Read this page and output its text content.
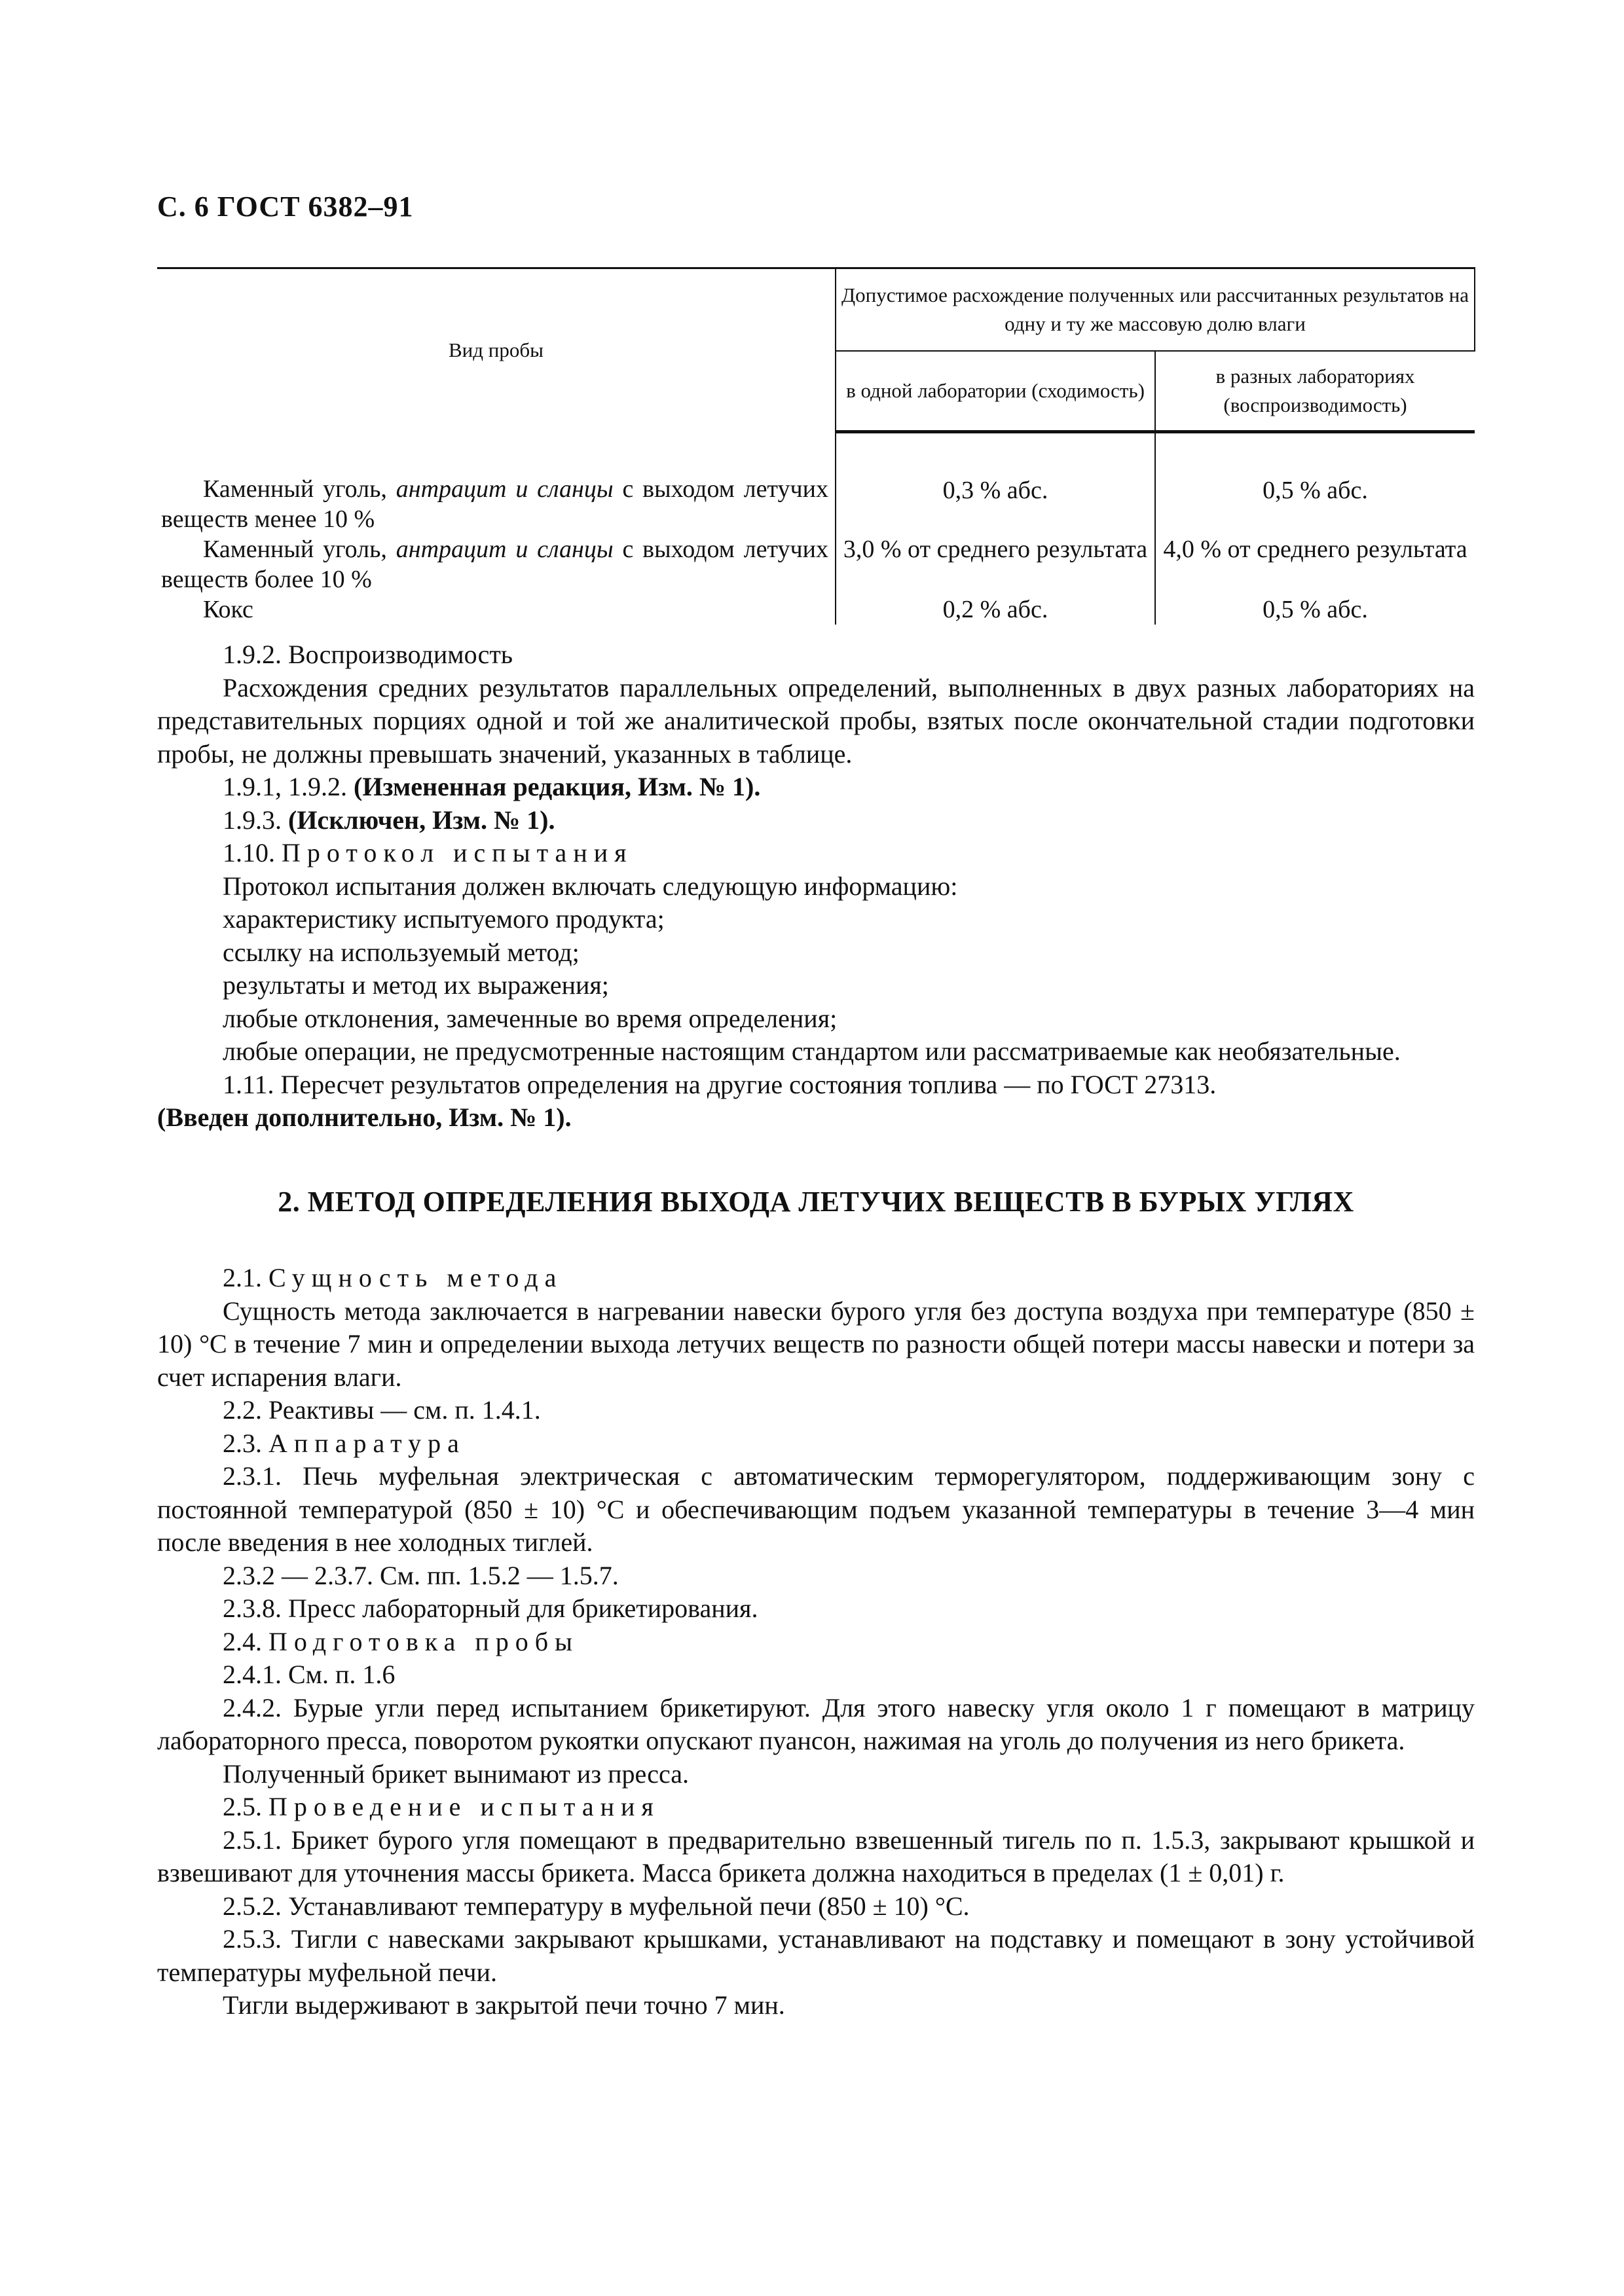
С. 6 ГОСТ 6382–91
Вид пробы	Допустимое расхождение полученных или рассчитанных результатов на одну и ту же массовую долю влаги	
	в одной лаборатории (сходимость)	в разных лабораториях (воспроизводимость)
Каменный уголь, антрацит и сланцы с выходом летучих веществ менее 10 %	0,3 % абс.	0,5 % абс.
Каменный уголь, антрацит и сланцы с выходом летучих веществ более 10 %	3,0 % от среднего результата	4,0 % от среднего результата
Кокс	0,2 % абс.	0,5 % абс.

1.9.2. Воспроизводимость

Расхождения средних результатов параллельных определений, выполненных в двух разных лабораториях на представительных порциях одной и той же аналитической пробы, взятых после окончательной стадии подготовки пробы, не должны превышать значений, указанных в таблице.

1.9.1, 1.9.2. (Измененная редакция, Изм. № 1).

1.9.3. (Исключен, Изм. № 1).

1.10. Протокол испытания

Протокол испытания должен включать следующую информацию:

характеристику испытуемого продукта;

ссылку на используемый метод;

результаты и метод их выражения;

любые отклонения, замеченные во время определения;

любые операции, не предусмотренные настоящим стандартом или рассматриваемые как необязательные.

1.11. Пересчет результатов определения на другие состояния топлива — по ГОСТ 27313.

(Введен дополнительно, Изм. № 1).

2. МЕТОД ОПРЕДЕЛЕНИЯ ВЫХОДА ЛЕТУЧИХ ВЕЩЕСТВ В БУРЫХ УГЛЯХ

2.1. Сущность метода

Сущность метода заключается в нагревании навески бурого угля без доступа воздуха при температуре (850 ± 10) °С в течение 7 мин и определении выхода летучих веществ по разности общей потери массы навески и потери за счет испарения влаги.

2.2. Реактивы — см. п. 1.4.1.

2.3. Аппаратура

2.3.1. Печь муфельная электрическая с автоматическим терморегулятором, поддерживающим зону с постоянной температурой (850 ± 10) °С и обеспечивающим подъем указанной температуры в течение 3—4 мин после введения в нее холодных тиглей.

2.3.2 — 2.3.7. См. пп. 1.5.2 — 1.5.7.

2.3.8. Пресс лабораторный для брикетирования.

2.4. Подготовка пробы

2.4.1. См. п. 1.6

2.4.2. Бурые угли перед испытанием брикетируют. Для этого навеску угля около 1 г помещают в матрицу лабораторного пресса, поворотом рукоятки опускают пуансон, нажимая на уголь до получения из него брикета.

Полученный брикет вынимают из пресса.

2.5. Проведение испытания

2.5.1. Брикет бурого угля помещают в предварительно взвешенный тигель по п. 1.5.3, закрывают крышкой и взвешивают для уточнения массы брикета. Масса брикета должна находиться в пределах (1 ± 0,01) г.

2.5.2. Устанавливают температуру в муфельной печи (850 ± 10) °С.

2.5.3. Тигли с навесками закрывают крышками, устанавливают на подставку и помещают в зону устойчивой температуры муфельной печи.

Тигли выдерживают в закрытой печи точно 7 мин.
